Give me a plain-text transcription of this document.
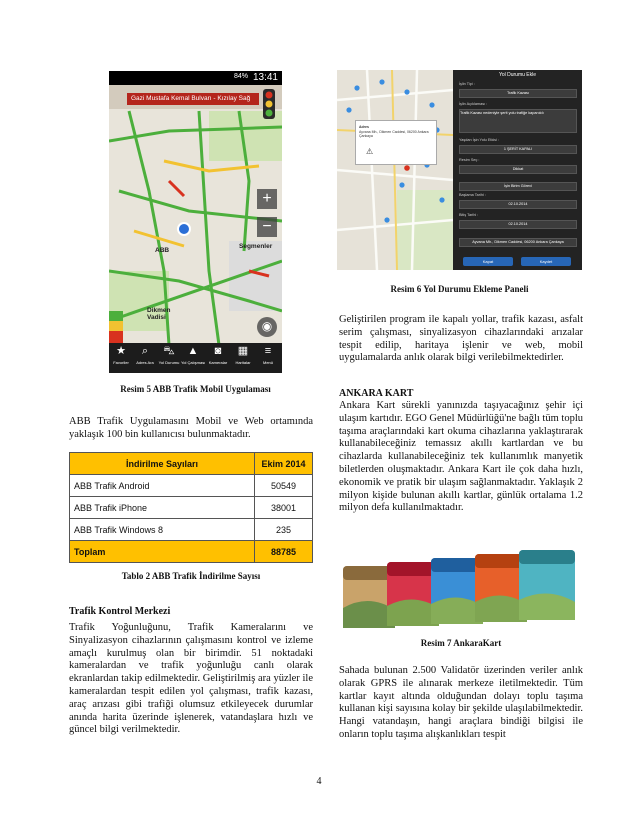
84% 13:41
Gazi Mustafa Kemal Bulvarı - Kızılay Sağ
+
−
ABB
Dikmen Vadisi
Segmenler
◉
★
Favoriler
⌕
Adres Ara
⛍
Yol Durumu
▲
Yol Çalışması
◙
Kameralar
▦
Haritalar
≡
Menü
Resim 5 ABB Trafik Mobil Uygulaması

ABB Trafik Uygulamasını Mobil ve Web ortamında yaklaşık 100 bin kullanıcısı bulunmaktadır.

İndirilme Sayıları	Ekim 2014
ABB Trafik Android	50549
ABB Trafik iPhone	38001
ABB Trafik Windows 8	235
Toplam	88785
Tablo 2 ABB Trafik İndirilme Sayısı

Trafik Kontrol Merkezi

Trafik Yoğunluğunu, Trafik Kameralarını ve Sinyalizasyon cihazlarının çalışmasını kontrol ve izleme amaçlı kurulmuş olan bir birimdir. 51 noktadaki kameralardan ve trafik yoğunluğu canlı olarak ekranlardan takip edilmektedir. Geliştirilmiş ara yüzler ile kameralardan tespit edilen yol çalışması, trafik kazası, araç arızası gibi trafiği olumsuz etkileyecek durumlar anında harita üzerinde işlenerek, vatandaşlara hızlı ve güncel bilgi verilmektedir.

Adres
Ayvana Mh., Dikmen Caddesi, 06200 Ankara Çankaya
⚠
Yol Durumu Ekle
İşlin Tipi :
Trafik Kazası
İşlin Açıklaması :
Trafik Kazası nedeniyle şerit yolu trafiğe kapanıldı
Yaşdan İşin Yolu Etkisi :
1 ŞERİT KAPALI
Resim Seç :
Dikkat
İşin Birim Görevi
Başlama Tarihi :
02.10.2014
Bitiş Tarihi :
02.10.2014
Ayvana Mh., Dikmen Caddesi, 06200 Ankara Çankaya
Kapat	Kaydet
Resim 6 Yol Durumu Ekleme Paneli

Geliştirilen program ile kapalı yollar, trafik kazası, asfalt serim çalışması, sinyalizasyon cihazlarındaki arızalar tespit edilip, haritaya işlenir ve web, mobil uygulamalarda anlık olarak bilgi verilebilmektedirler.

ANKARA KART

Ankara Kart sürekli yanınızda taşıyacağınız şehir içi ulaşım kartıdır. EGO Genel Müdürlüğü'ne bağlı tüm toplu taşıma araçlarındaki kart okuma cihazlarına yaklaştırarak kullanabileceğiniz temassız akıllı kartlardan ve bu cihazlarda kullanabileceğiniz tek kullanımlık manyetik biletlerden oluşmaktadır. Ankara Kart ile çok daha hızlı, ekonomik ve pratik bir ulaşım sağlanmaktadır. Yaklaşık 2 milyon kişide bulunan akıllı kartlar, günlük ortalama 1.2 milyon defa kullanılmaktadır.

Resim 7 AnkaraKart

Sahada bulunan 2.500 Validatör üzerinden veriler anlık olarak GPRS ile alınarak merkeze iletilmektedir. Tüm kartlar kayıt altında olduğundan dolayı toplu taşıma kullanan kişi sayısına kolay bir şekilde ulaşılabilmektedir. Hangi vatandaşın, hangi araçlara bindiği bilgisi ile onların toplu taşıma alışkanlıkları tespit

4
